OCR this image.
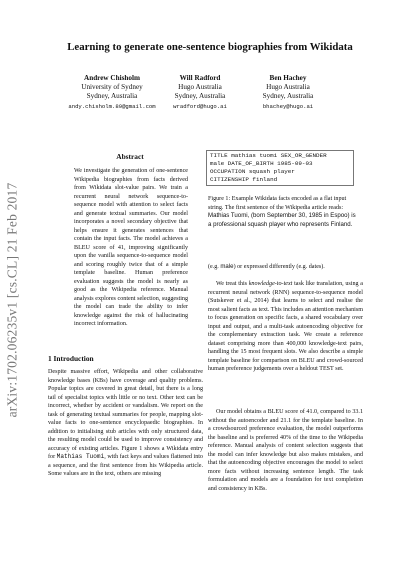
arXiv:1702.06235v1 [cs.CL] 21 Feb 2017
Learning to generate one-sentence biographies from Wikidata
Andrew Chisholm
University of Sydney
Sydney, Australia
andy.chisholm.89@gmail.com
Will Radford
Hugo Australia
Sydney, Australia
wradford@hugo.ai
Ben Hachey
Hugo Australia
Sydney, Australia
bhachey@hugo.ai
Abstract

We investigate the generation of one-sentence Wikipedia biographies from facts derived from Wikidata slot-value pairs. We train a recurrent neural network sequence-to-sequence model with attention to select facts and generate textual summaries. Our model incorporates a novel secondary objective that helps ensure it generates sentences that contain the input facts. The model achieves a BLEU score of 41, improving significantly upon the vanilla sequence-to-sequence model and scoring roughly twice that of a simple template baseline. Human preference evaluation suggests the model is nearly as good as the Wikipedia reference. Manual analysis explores content selection, suggesting the model can trade the ability to infer knowledge against the risk of hallucinating incorrect information.

1 Introduction

Despite massive effort, Wikipedia and other collaborative knowledge bases (KBs) have coverage and quality problems. Popular topics are covered in great detail, but there is a long tail of specialist topics with little or no text. Other text can be incorrect, whether by accident or vandalism. We report on the task of generating textual summaries for people, mapping slot-value facts to one-sentence encyclopaedic biographies. In addition to initialising stub articles with only structured data, the resulting model could be used to improve consistency and accuracy of existing articles. Figure 1 shows a Wikidata entry for Mathias Tuomi, with fact keys and values flattened into a sequence, and the first sentence from his Wikipedia article. Some values are in the text, others are missing

TITLE mathias tuomi SEX_OR_GENDER
male DATE_OF_BIRTH 1985-09-03
OCCUPATION squash player
CITIZENSHIP finland

Figure 1: Example Wikidata facts encoded as a flat input string. The first sentence of the Wikipedia article reads: Mathias Tuomi, (born September 30, 1985 in Espoo) is a professional squash player who represents Finland.

(e.g. male) or expressed differently (e.g. dates).

We treat this knowledge-to-text task like translation, using a recurrent neural network (RNN) sequence-to-sequence model (Sutskever et al., 2014) that learns to select and realise the most salient facts as text. This includes an attention mechanism to focus generation on specific facts, a shared vocabulary over input and output, and a multi-task autoencoding objective for the complementary extraction task. We create a reference dataset comprising more than 400,000 knowledge-text pairs, handling the 15 most frequent slots. We also describe a simple template baseline for comparison on BLEU and crowd-sourced human preference judgements over a heldout TEST set.

Our model obtains a BLEU score of 41.0, compared to 33.1 without the autoencoder and 21.1 for the template baseline. In a crowdsourced preference evaluation, the model outperforms the baseline and is preferred 40% of the time to the Wikipedia reference. Manual analysis of content selection suggests that the model can infer knowledge but also makes mistakes, and that the autoencoding objective encourages the model to select more facts without increasing sentence length. The task formulation and models are a foundation for text completion and consistency in KBs.
